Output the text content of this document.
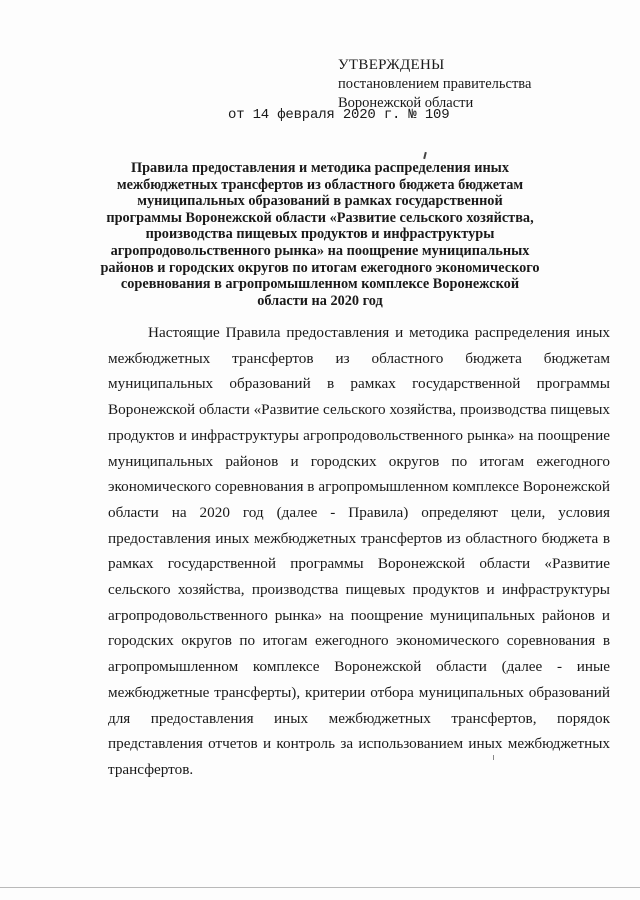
УТВЕРЖДЕНЫ
постановлением правительства
Воронежской области
от 14 февраля 2020 г. № 109
Правила предоставления и методика распределения иных межбюджетных трансфертов из областного бюджета бюджетам муниципальных образований в рамках государственной программы Воронежской области «Развитие сельского хозяйства, производства пищевых продуктов и инфраструктуры агропродовольственного рынка» на поощрение муниципальных районов и городских округов по итогам ежегодного экономического соревнования в агропромышленном комплексе Воронежской области на 2020 год

Настоящие Правила предоставления и методика распределения иных межбюджетных трансфертов из областного бюджета бюджетам муниципальных образований в рамках государственной программы Воронежской области «Развитие сельского хозяйства, производства пищевых продуктов и инфраструктуры агропродовольственного рынка» на поощрение муниципальных районов и городских округов по итогам ежегодного экономического соревнования в агропромышленном комплексе Воронежской области на 2020 год (далее - Правила) определяют цели, условия предоставления иных межбюджетных трансфертов из областного бюджета в рамках государственной программы Воронежской области «Развитие сельского хозяйства, производства пищевых продуктов и инфраструктуры агропродовольственного рынка» на поощрение муниципальных районов и городских округов по итогам ежегодного экономического соревнования в агропромышленном комплексе Воронежской области (далее - иные межбюджетные трансферты), критерии отбора муниципальных образований для предоставления иных межбюджетных трансфертов, порядок представления отчетов и контроль за использованием иных межбюджетных трансфертов.
